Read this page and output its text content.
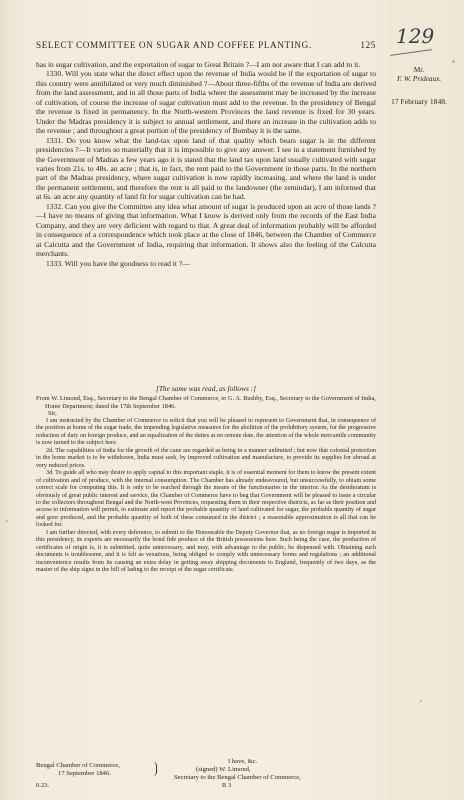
SELECT COMMITTEE ON SUGAR AND COFFEE PLANTING.	125 129
Mr.
F. W. Prideaux.
17 February 1848.

has in sugar cultivation, and the exportation of sugar to Great Britain ?—I am not aware that I can add to it.

1330. Will you state what the direct effect upon the revenue of India would be if the exportation of sugar to this country were annihilated or very much diminished ?—About three-fifths of the revenue of India are derived from the land assessment, and in all those parts of India where the assessment may be increased by the increase of cultivation, of course the increase of sugar cultivation must add to the revenue. In the presidency of Bengal the revenue is fixed in permanency. In the North-western Provinces the land revenue is fixed for 30 years. Under the Madras presidency it is subject to annual settlement, and there an increase in the cultivation adds to the revenue ; and throughout a great portion of the presidency of Bombay it is the same.

1331. Do you know what the land-tax upon land of that quality which bears sugar is in the different presidencies ?—It varies so materially that it is impossible to give any answer. I see in a statement furnished by the Government of Madras a few years ago it is stated that the land tax upon land usually cultivated with sugar varies from 21s. to 48s. an acre ; that is, in fact, the rent paid to the Government in those parts. In the northern part of the Madras presidency, where sugar cultivation is now rapidly increasing, and where the land is under the permanent settlement, and therefore the rent is all paid to the landowner (the zemindar), I am informed that at 6s. an acre any quantity of land fit for sugar cultivation can be had.

1332. Can you give the Committee any idea what amount of sugar is produced upon an acre of those lands ?—I have no means of giving that information. What I know is derived only from the records of the East India Company, and they are very deficient with regard to that. A great deal of information probably will be afforded in consequence of a correspondence which took place at the close of 1846, between the Chamber of Commerce at Calcutta and the Government of India, requiring that information. It shows also the feeling of the Calcutta merchants.

1333. Will you have the goodness to read it ?—

[The same was read, as follows :]

From W. Limond, Esq., Secretary to the Bengal Chamber of Commerce, to G. A. Bushby, Esq., Secretary to the Government of India, Home Department; dated the 17th September 1846.

Sir,

I am instructed by the Chamber of Commerce to solicit that you will be pleased to represent to Government that, in consequence of the position at home of the sugar trade, the impending legislative measures for the abolition of the prohibitory system, for the progressive reduction of duty on foreign produce, and an equalization of the duties at no remote date, the attention of the whole mercantile community is now turned to the subject here.

2d. The capabilities of India for the growth of the cane are regarded as being in a manner unlimited ; but now that colonial protection in the home market is to be withdrawn, India must seek, by improved cultivation and manufacture, to provide its supplies for abroad at very reduced prices.

3d. To guide all who may desire to apply capital to this important staple, it is of essential moment for them to know the present extent of cultivation and of produce, with the internal consumption. The Chamber has already endeavoured, but unsuccessfully, to obtain some correct scale for computing this. It is only to be reached through the means of the functionaries in the interior. As the desideratum is obviously of great public interest and service, the Chamber of Commerce have to beg that Government will be pleased to issue a circular to the collectors throughout Bengal and the North-west Provinces, requesting them in their respective districts, as far as their position and access to information will permit, to estimate and report the probable quantity of land cultivated for sugar, the probable quantity of sugar and goor produced, and the probable quantity of both of these consumed in the district ; a reasonable approximation is all that can be looked for.

I am further directed, with every deference, to submit to the Honourable the Deputy Governor that, as no foreign sugar is imported in this presidency, its exports are necessarily the bond fide produce of the British possessions here. Such being the case, the production of certificates of origin is, it is submitted, quite unnecessary, and may, with advantage to the public, be dispensed with. Obtaining such documents is troublesome, and it is felt as vexatious, being obliged to comply with unnecessary forms and regulations ; an additional inconvenience results from its causing an extra delay in getting away shipping documents to England, frequently of two days, as the master of the ship signs in the bill of lading to the receipt of the sugar certificate.

Bengal Chamber of Commerce,
17 September 1846.
I have, &c.
(signed) W. Limond,
Secretary to the Bengal Chamber of Commerce,
0.23.	R 3
